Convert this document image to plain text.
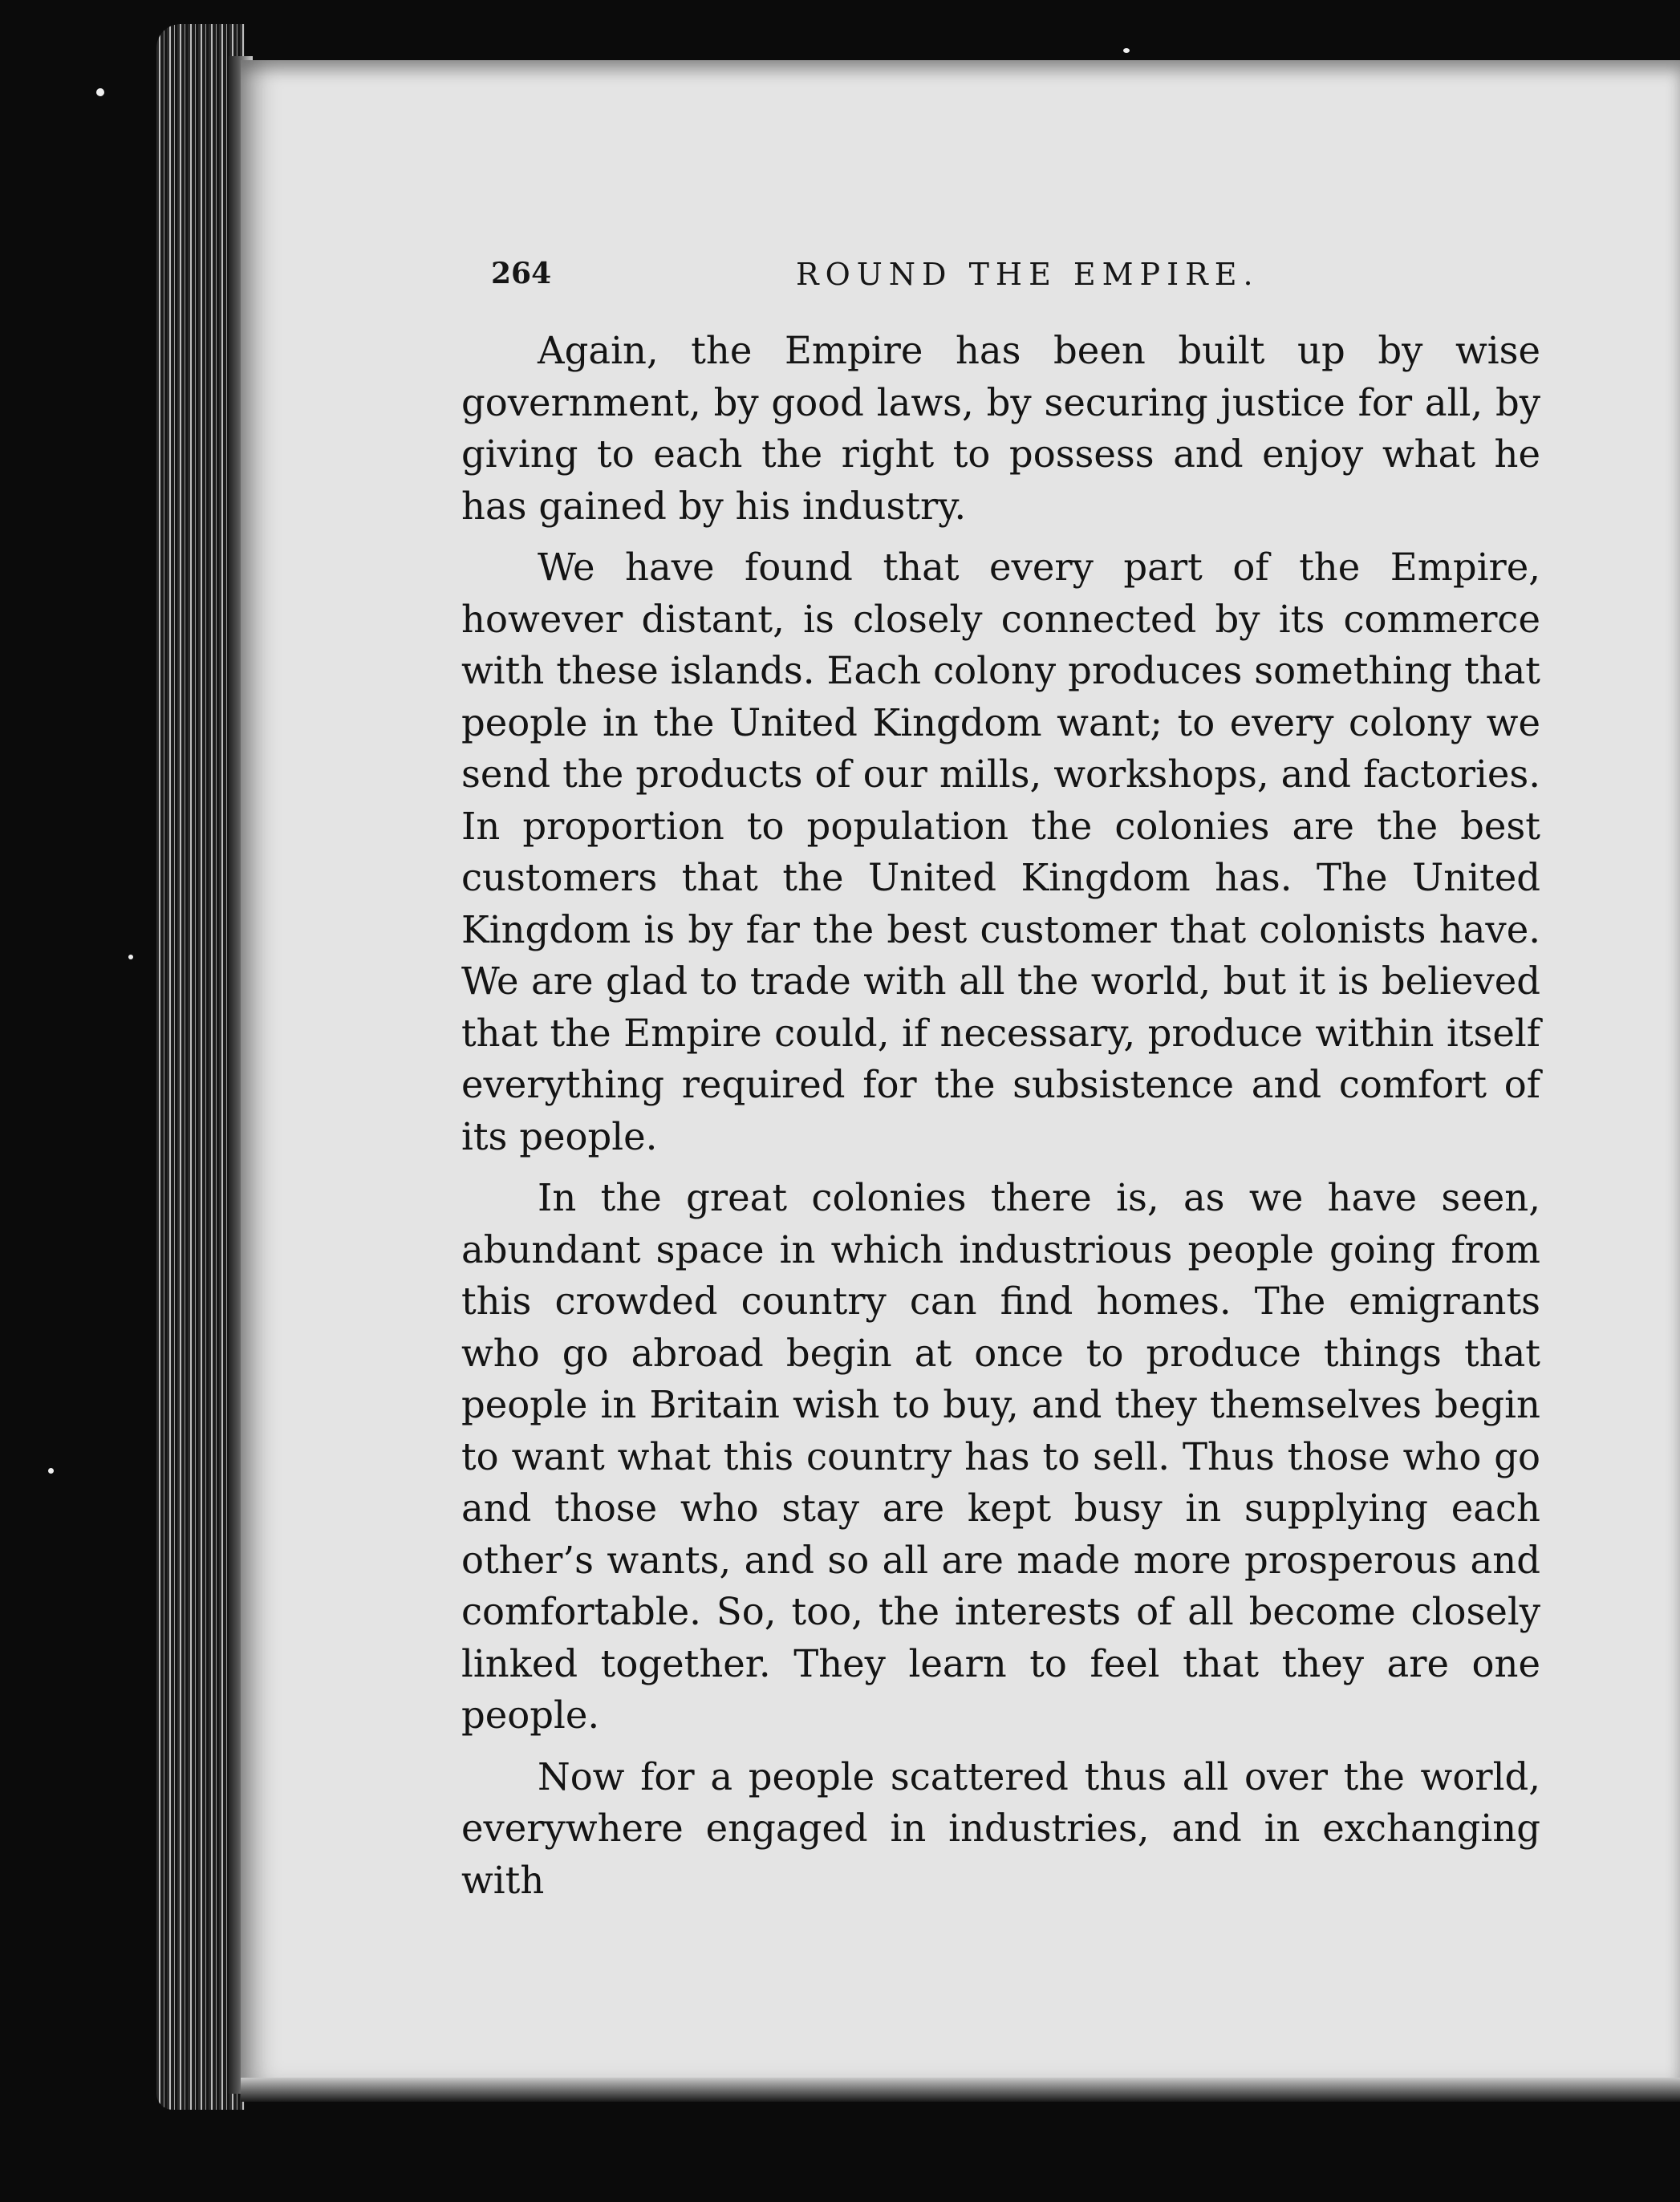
264	ROUND THE EMPIRE.

Again, the Empire has been built up by wise government, by good laws, by securing justice for all, by giving to each the right to possess and enjoy what he has gained by his industry.

We have found that every part of the Empire, however distant, is closely connected by its commerce with these islands. Each colony produces something that people in the United Kingdom want; to every colony we send the products of our mills, workshops, and factories. In proportion to population the colonies are the best customers that the United Kingdom has. The United Kingdom is by far the best customer that colonists have. We are glad to trade with all the world, but it is believed that the Empire could, if necessary, produce within itself everything required for the subsistence and comfort of its people.

In the great colonies there is, as we have seen, abundant space in which industrious people going from this crowded country can find homes. The emigrants who go abroad begin at once to produce things that people in Britain wish to buy, and they themselves begin to want what this country has to sell. Thus those who go and those who stay are kept busy in supplying each other’s wants, and so all are made more prosperous and comfortable. So, too, the interests of all become closely linked together. They learn to feel that they are one people.

Now for a people scattered thus all over the world, everywhere engaged in industries, and in exchanging with
